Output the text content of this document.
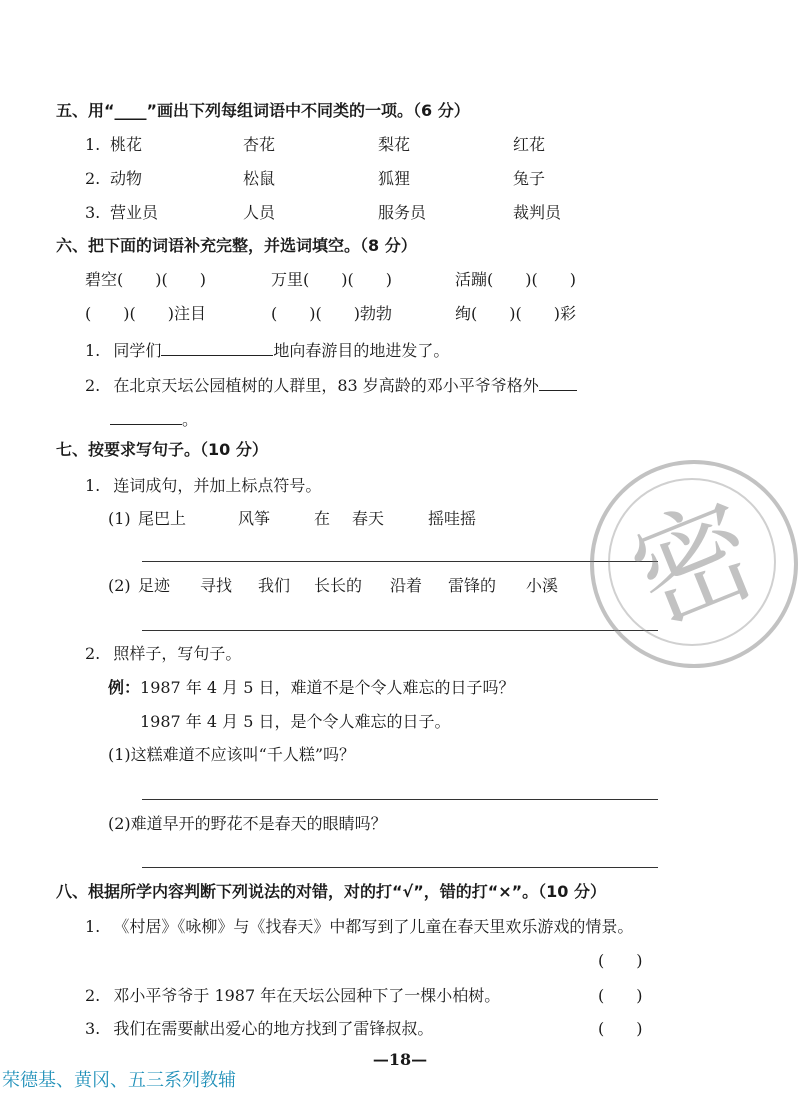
五、用“____”画出下列每组词语中不同类的一项。（6 分）
1. 桃花	杏花	梨花	红花
2. 动物	松鼠	狐狸	兔子
3. 营业员	人员	服务员	裁判员
六、把下面的词语补充完整，并选词填空。（8 分）
碧空(　　)(　　)	万里(　　)(　　)	活蹦(　　)(　　)
(　　)(　　)注目	(　　)(　　)勃勃	绚(　　)(　　)彩
1. 同学们	地向春游目的地进发了。
2. 在北京天坛公园植树的人群里，83 岁高龄的邓小平爷爷格外
。
七、按要求写句子。（10 分）
1. 连词成句，并加上标点符号。
(1) 尾巴上	风筝	在 春天	摇哇摇
(2) 足迹 寻找 我们 长长的 沿着 雷锋的 小溪
2. 照样子，写句子。
例：1987 年 4 月 5 日，难道不是个令人难忘的日子吗？
1987 年 4 月 5 日，是个令人难忘的日子。
(1)这糕难道不应该叫“千人糕”吗？
(2)难道早开的野花不是春天的眼睛吗？
八、根据所学内容判断下列说法的对错，对的打“√”，错的打“×”。（10 分）
1. 《村居》《咏柳》与《找春天》中都写到了儿童在春天里欢乐游戏的情景。
(　　)
2. 邓小平爷爷于 1987 年在天坛公园种下了一棵小柏树。	(　　)
3. 我们在需要献出爱心的地方找到了雷锋叔叔。	(　　)
密
—18—
荣德基、黄冈、五三系列教辅
